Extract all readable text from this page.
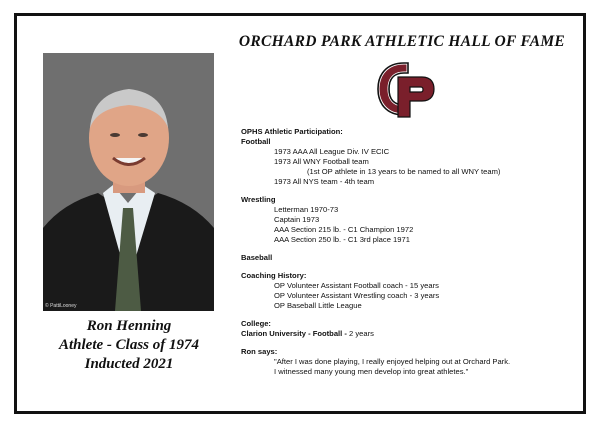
ORCHARD PARK ATHLETIC HALL OF FAME
© PattiLooney
Ron Henning
Athlete - Class of 1974
Inducted 2021
OPHS Athletic Participation:
Football
1973 AAA All League Div. IV ECIC
1973 All WNY Football team
(1st OP athlete in 13 years to be named to all WNY team)
1973 All NYS team - 4th team
Wrestling
Letterman 1970-73
Captain 1973
AAA Section 215 lb. - C1 Champion 1972
AAA Section 250 lb. - C1 3rd place 1971
Baseball
Coaching History:
OP Volunteer Assistant Football coach - 15 years
OP Volunteer Assistant Wrestling coach - 3 years
OP Baseball Little League
College:
Clarion University - Football - 2 years
Ron says:
"After I was done playing, I really enjoyed helping out at Orchard Park.
I witnessed many young men develop into great athletes."
